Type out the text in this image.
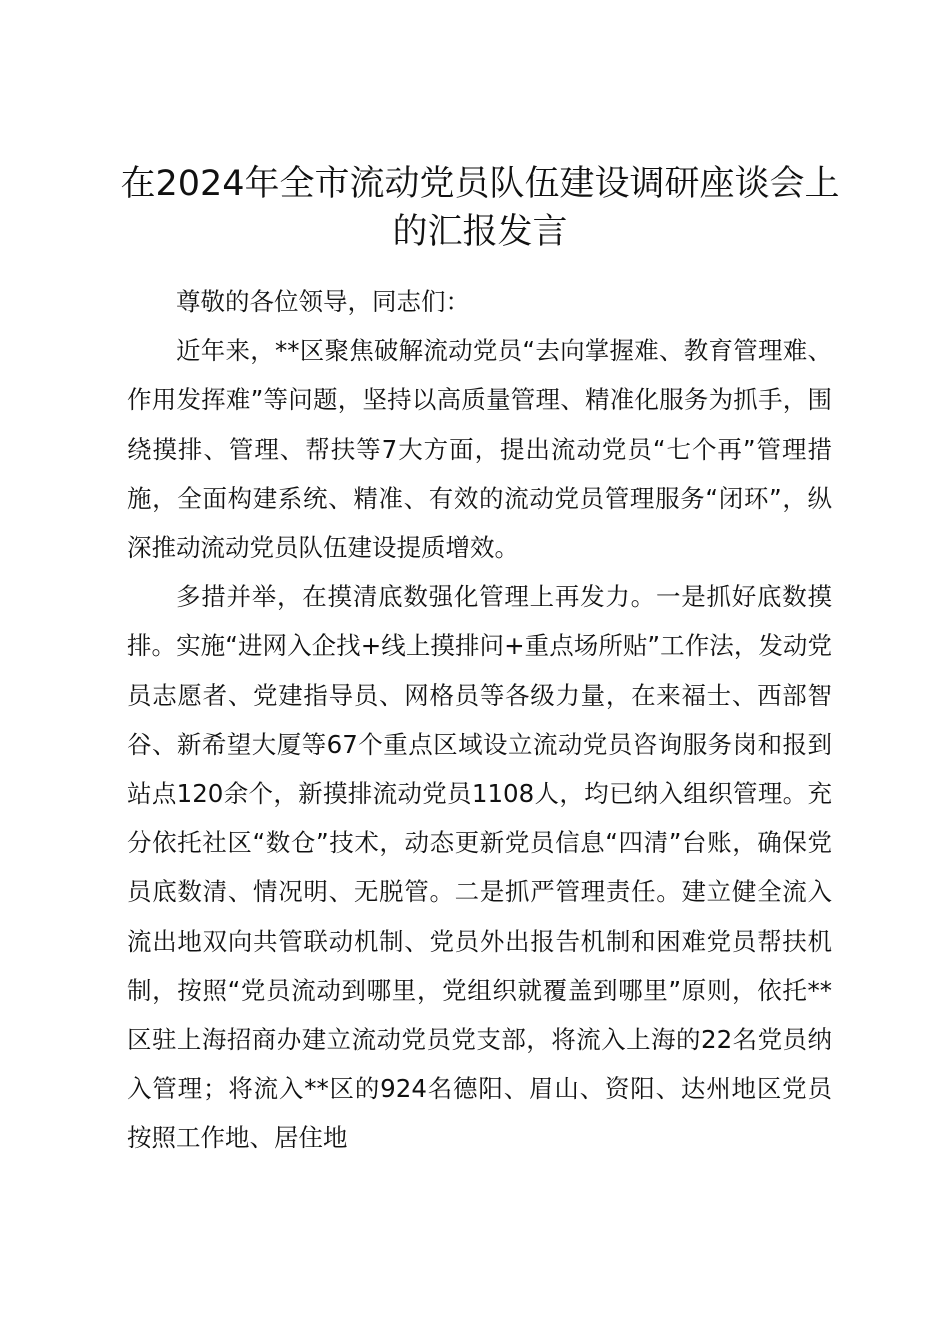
在2024年全市流动党员队伍建设调研座谈会上的汇报发言

尊敬的各位领导，同志们：

近年来，**区聚焦破解流动党员“去向掌握难、教育管理难、作用发挥难”等问题，坚持以高质量管理、精准化服务为抓手，围绕摸排、管理、帮扶等7大方面，提出流动党员“七个再”管理措施，全面构建系统、精准、有效的流动党员管理服务“闭环”，纵深推动流动党员队伍建设提质增效。

多措并举，在摸清底数强化管理上再发力。一是抓好底数摸排。实施“进网入企找+线上摸排问+重点场所贴”工作法，发动党员志愿者、党建指导员、网格员等各级力量，在来福士、西部智谷、新希望大厦等67个重点区域设立流动党员咨询服务岗和报到站点120余个，新摸排流动党员1108人，均已纳入组织管理。充分依托社区“数仓”技术，动态更新党员信息“四清”台账，确保党员底数清、情况明、无脱管。二是抓严管理责任。建立健全流入流出地双向共管联动机制、党员外出报告机制和困难党员帮扶机制，按照“党员流动到哪里，党组织就覆盖到哪里”原则，依托**区驻上海招商办建立流动党员党支部，将流入上海的22名党员纳入管理；将流入**区的924名德阳、眉山、资阳、达州地区党员按照工作地、居住地
